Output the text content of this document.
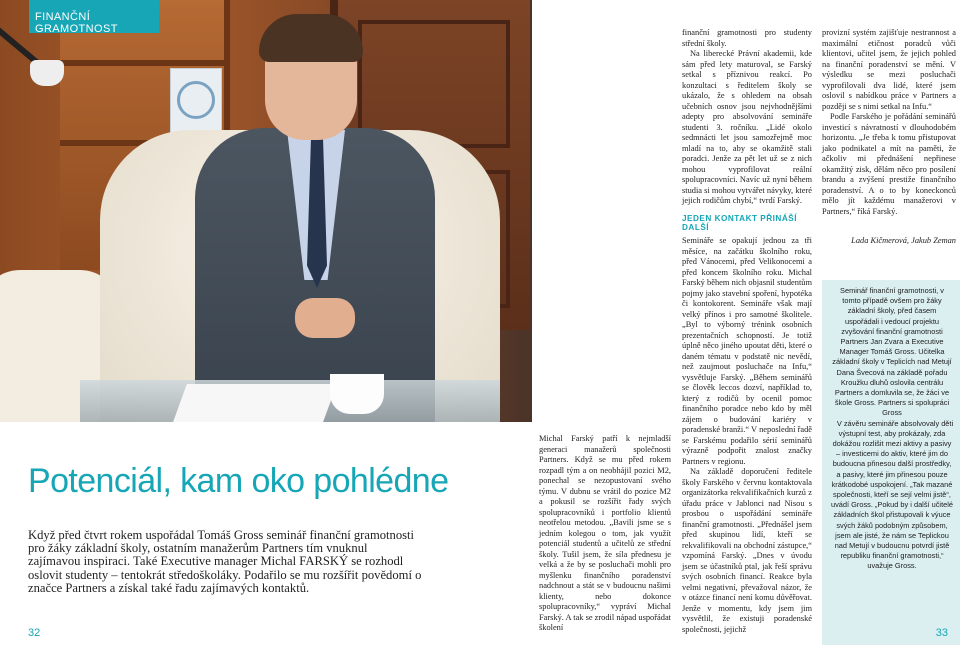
FINANČNÍ GRAMOTNOST
Potenciál, kam oko pohlédne
Když před čtvrt rokem uspořádal Tomáš Gross seminář finanční gramotnosti pro žáky základní školy, ostatním manažerům Partners tím vnuknul zajímavou inspiraci. Také Executive manager Michal FARSKÝ se rozhodl oslovit studenty – tentokrát středoškoláky. Podařilo se mu rozšířit povědomí o značce Partners a získal také řadu zajímavých kontaktů.

Michal Farský patří k nejmladší generaci manažerů společnosti Partners. Když se mu před rokem rozpadl tým a on neobhájil pozici M2, ponechal se nezopustovaní svého týmu. V dubnu se vrátil do pozice M2 a pokusil se rozšířit řady svých spolupracovníků i portfolio klientů neotřelou metodou. „Bavili jsme se s jedním kolegou o tom, jak využít potenciál studentů a učitelů ze střední školy. Tušil jsem, že síla přednesu je velká a že by se posluchači mohli pro myšlenku finančního poradenství nadchnout a stát se v budoucnu našimi klienty, nebo dokonce spolupracovníky,“ vypráví Michal Farský. A tak se zrodil nápad uspořádat školení

finanční gramotnosti pro studenty střední školy.

Na liberecké Právní akademii, kde sám před lety maturoval, se Farský setkal s příznivou reakcí. Po konzultaci s ředitelem školy se ukázalo, že s ohledem na obsah učebních osnov jsou nejvhodnějšími adepty pro absolvování semináře studenti 3. ročníku. „Lidé okolo sedmnácti let jsou samozřejmě moc mladí na to, aby se okamžitě stali poradci. Jenže za pět let už se z nich mohou vyprofilovat reální spolupracovníci. Navíc už nyní během studia si mohou vytvářet návyky, které jejich rodičům chybí,“ tvrdí Farský.

JEDEN KONTAKT PŘINÁŠÍ DALŠÍ

Semináře se opakují jednou za tři měsíce, na začátku školního roku, před Vánocemi, před Velikonocemi a před koncem školního roku. Michal Farský během nich objasnil studentům pojmy jako stavební spoření, hypotéka či kontokorent. Semináře však mají velký přínos i pro samotné školitele. „Byl to výborný trénink osobních prezentačních schopností. Je totiž úplně něco jiného upoutat děti, které o daném tématu v podstatě nic nevědí, než zaujmout posluchače na Infu,“ vysvětluje Farský. „Během seminářů se člověk leccos dozví, například to, který z rodičů by ocenil pomoc finančního poradce nebo kdo by měl zájem o budování kariéry v poradenské branži.“ V neposlední řadě se Farskému podařilo sérií seminářů výrazně podpořit znalost značky Partners v regionu.

Na základě doporučení ředitele školy Farského v červnu kontaktovala organizátorka rekvalifikačních kurzů z úřadu práce v Jablonci nad Nisou s prosbou o uspořádání semináře finanční gramotnosti. „Přednášel jsem před skupinou lidí, kteří se rekvalifikovali na obchodní zástupce,“ vzpomíná Farský. „Dnes v úvodu jsem se účastníků ptal, jak řeší správu svých osobních financí. Reakce byla velmi negativní, převažoval názor, že v otázce financí není komu důvěřovat. Jenže v momentu, kdy jsem jim vysvětlil, že existuji poradenské společnosti, jejichž

provizní systém zajišťuje nestrannost a maximální etičnost poradců vůči klientovi, učitel jsem, že jejich pohled na finanční poradenství se mění. V výsledku se mezi posluchači vyprofilovali dva lidé, které jsem oslovil s nabídkou práce v Partners a později se s nimi setkal na Infu.“

Podle Farského je pořádání seminářů investicí s návratností v dlouhodobém horizontu. „Je třeba k tomu přistupovat jako podnikatel a mít na paměti, že ačkoliv mi přednášení nepřinese okamžitý zisk, dělám něco pro posílení brandu a zvýšení prestiže finančního poradenství. A o to by koneckonců mělo jít každému manažerovi v Partners,“ říká Farský.

Lada Kičmerová, Jakub Zeman

Seminář finanční gramotnosti, v tomto případě ovšem pro žáky základní školy, před časem uspořádali i vedoucí projektu zvyšování finanční gramotnosti Partners Jan Zvara a Executive Manager Tomáš Gross. Učitelka základní školy v Teplicích nad Metují Dana Švecová na základě pořadu Kroužku dluhů oslovila centrálu Partners a domluvila se, že žáci ve škole Gross. Partners si spolupráci Gross

V závěru semináře absolvovaly děti výstupní test, aby prokázaly, zda dokážou rozlišit mezi aktivy a pasivy – investicemi do aktiv, které jim do budoucna přinesou další prostředky, a pasivy, které jim přinesou pouze krátkodobé uspokojení. „Tak mazané společnosti, kteří se sejí velmi jistě“, uvádí Gross. „Pokud by i další učitelé základních škol přistupovali k výuce svých žáků podobným způsobem, jsem ale jisté, že nám se Teplickou nad Metují v budoucnu potvrdí jistě republiku finanční gramotnosti,“ uvažuje Gross.

32	33
